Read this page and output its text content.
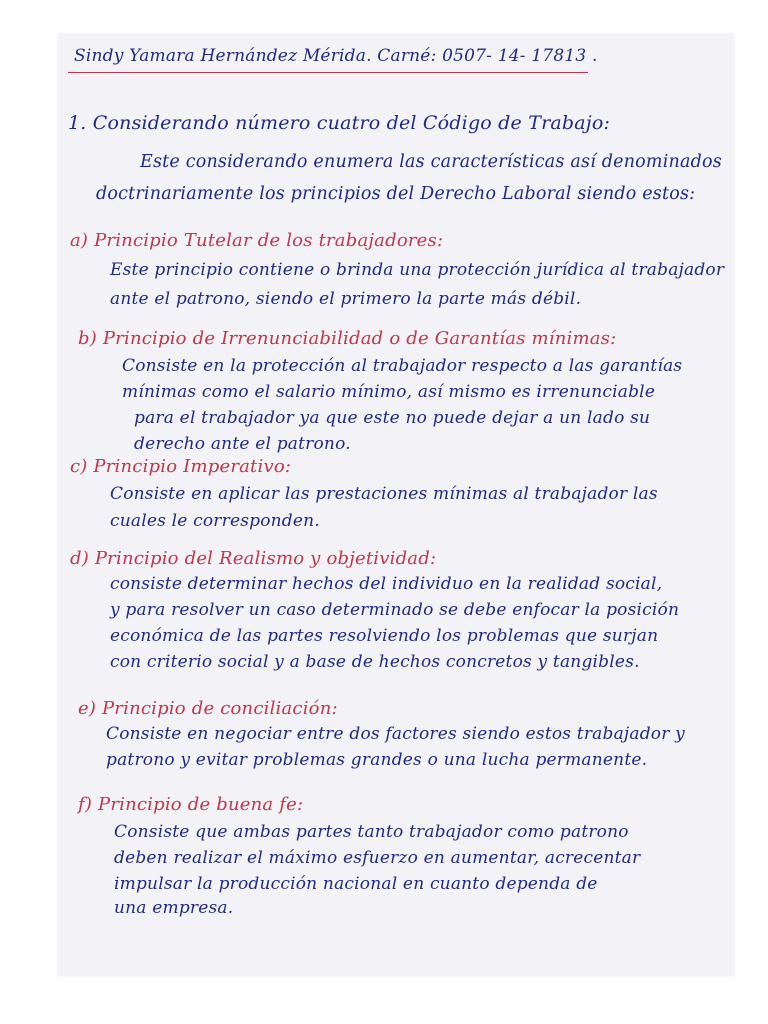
Sindy Yamara Hernández Mérida. Carné: 0507- 14- 17813 .
1. Considerando número cuatro del Código de Trabajo:
Este considerando enumera las características así denominados
doctrinariamente los principios del Derecho Laboral siendo estos:
a) Principio Tutelar de los trabajadores:
Este principio contiene o brinda una protección jurídica al trabajador
ante el patrono, siendo el primero la parte más débil.
b) Principio de Irrenunciabilidad o de Garantías mínimas:
Consiste en la protección al trabajador respecto a las garantías
mínimas como el salario mínimo, así mismo es irrenunciable
para el trabajador ya que este no puede dejar a un lado su
derecho ante el patrono.
c) Principio Imperativo:
Consiste en aplicar las prestaciones mínimas al trabajador las
cuales le corresponden.
d) Principio del Realismo y objetividad:
consiste determinar hechos del individuo en la realidad social,
y para resolver un caso determinado se debe enfocar la posición
económica de las partes resolviendo los problemas que surjan
con criterio social y a base de hechos concretos y tangibles.
e) Principio de conciliación:
Consiste en negociar entre dos factores siendo estos trabajador y
patrono y evitar problemas grandes o una lucha permanente.
f) Principio de buena fe:
Consiste que ambas partes tanto trabajador como patrono
deben realizar el máximo esfuerzo en aumentar, acrecentar
impulsar la producción nacional en cuanto dependa de
una empresa.
